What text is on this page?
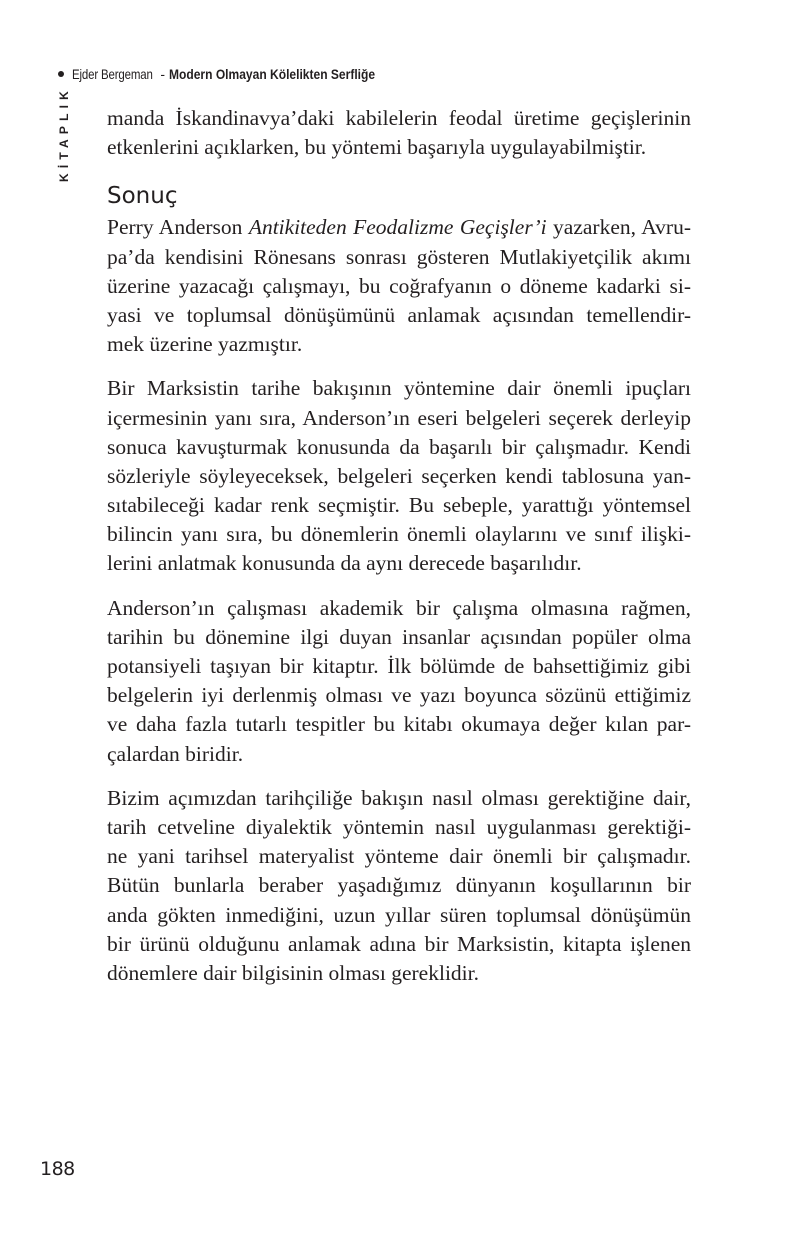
Ejder Bergeman - Modern Olmayan Kölelikten Serfliğe
KİTAPLIK manda İskandinavya’daki kabilelerin feodal üretime geçişlerinin
etkenlerini açıklarken, bu yöntemi başarıyla uygulayabilmiştir.

Sonuç

Perry Anderson Antikiteden Feodalizme Geçişler’i yazarken, Avru-
pa’da kendisini Rönesans sonrası gösteren Mutlakiyetçilik akımı
üzerine yazacağı çalışmayı, bu coğrafyanın o döneme kadarki si-
yasi ve toplumsal dönüşümünü anlamak açısından temellendir-
mek üzerine yazmıştır.

Bir Marksistin tarihe bakışının yöntemine dair önemli ipuçları
içermesinin yanı sıra, Anderson’ın eseri belgeleri seçerek derleyip
sonuca kavuşturmak konusunda da başarılı bir çalışmadır. Kendi
sözleriyle söyleyeceksek, belgeleri seçerken kendi tablosuna yan-
sıtabileceği kadar renk seçmiştir. Bu sebeple, yarattığı yöntemsel
bilincin yanı sıra, bu dönemlerin önemli olaylarını ve sınıf ilişki-
lerini anlatmak konusunda da aynı derecede başarılıdır.

Anderson’ın çalışması akademik bir çalışma olmasına rağmen,
tarihin bu dönemine ilgi duyan insanlar açısından popüler olma
potansiyeli taşıyan bir kitaptır. İlk bölümde de bahsettiğimiz gibi
belgelerin iyi derlenmiş olması ve yazı boyunca sözünü ettiğimiz
ve daha fazla tutarlı tespitler bu kitabı okumaya değer kılan par-
çalardan biridir.

Bizim açımızdan tarihçiliğe bakışın nasıl olması gerektiğine dair,
tarih cetveline diyalektik yöntemin nasıl uygulanması gerektiği-
ne yani tarihsel materyalist yönteme dair önemli bir çalışmadır.
Bütün bunlarla beraber yaşadığımız dünyanın koşullarının bir
anda gökten inmediğini, uzun yıllar süren toplumsal dönüşümün
bir ürünü olduğunu anlamak adına bir Marksistin, kitapta işlenen
dönemlere dair bilgisinin olması gereklidir.

188
